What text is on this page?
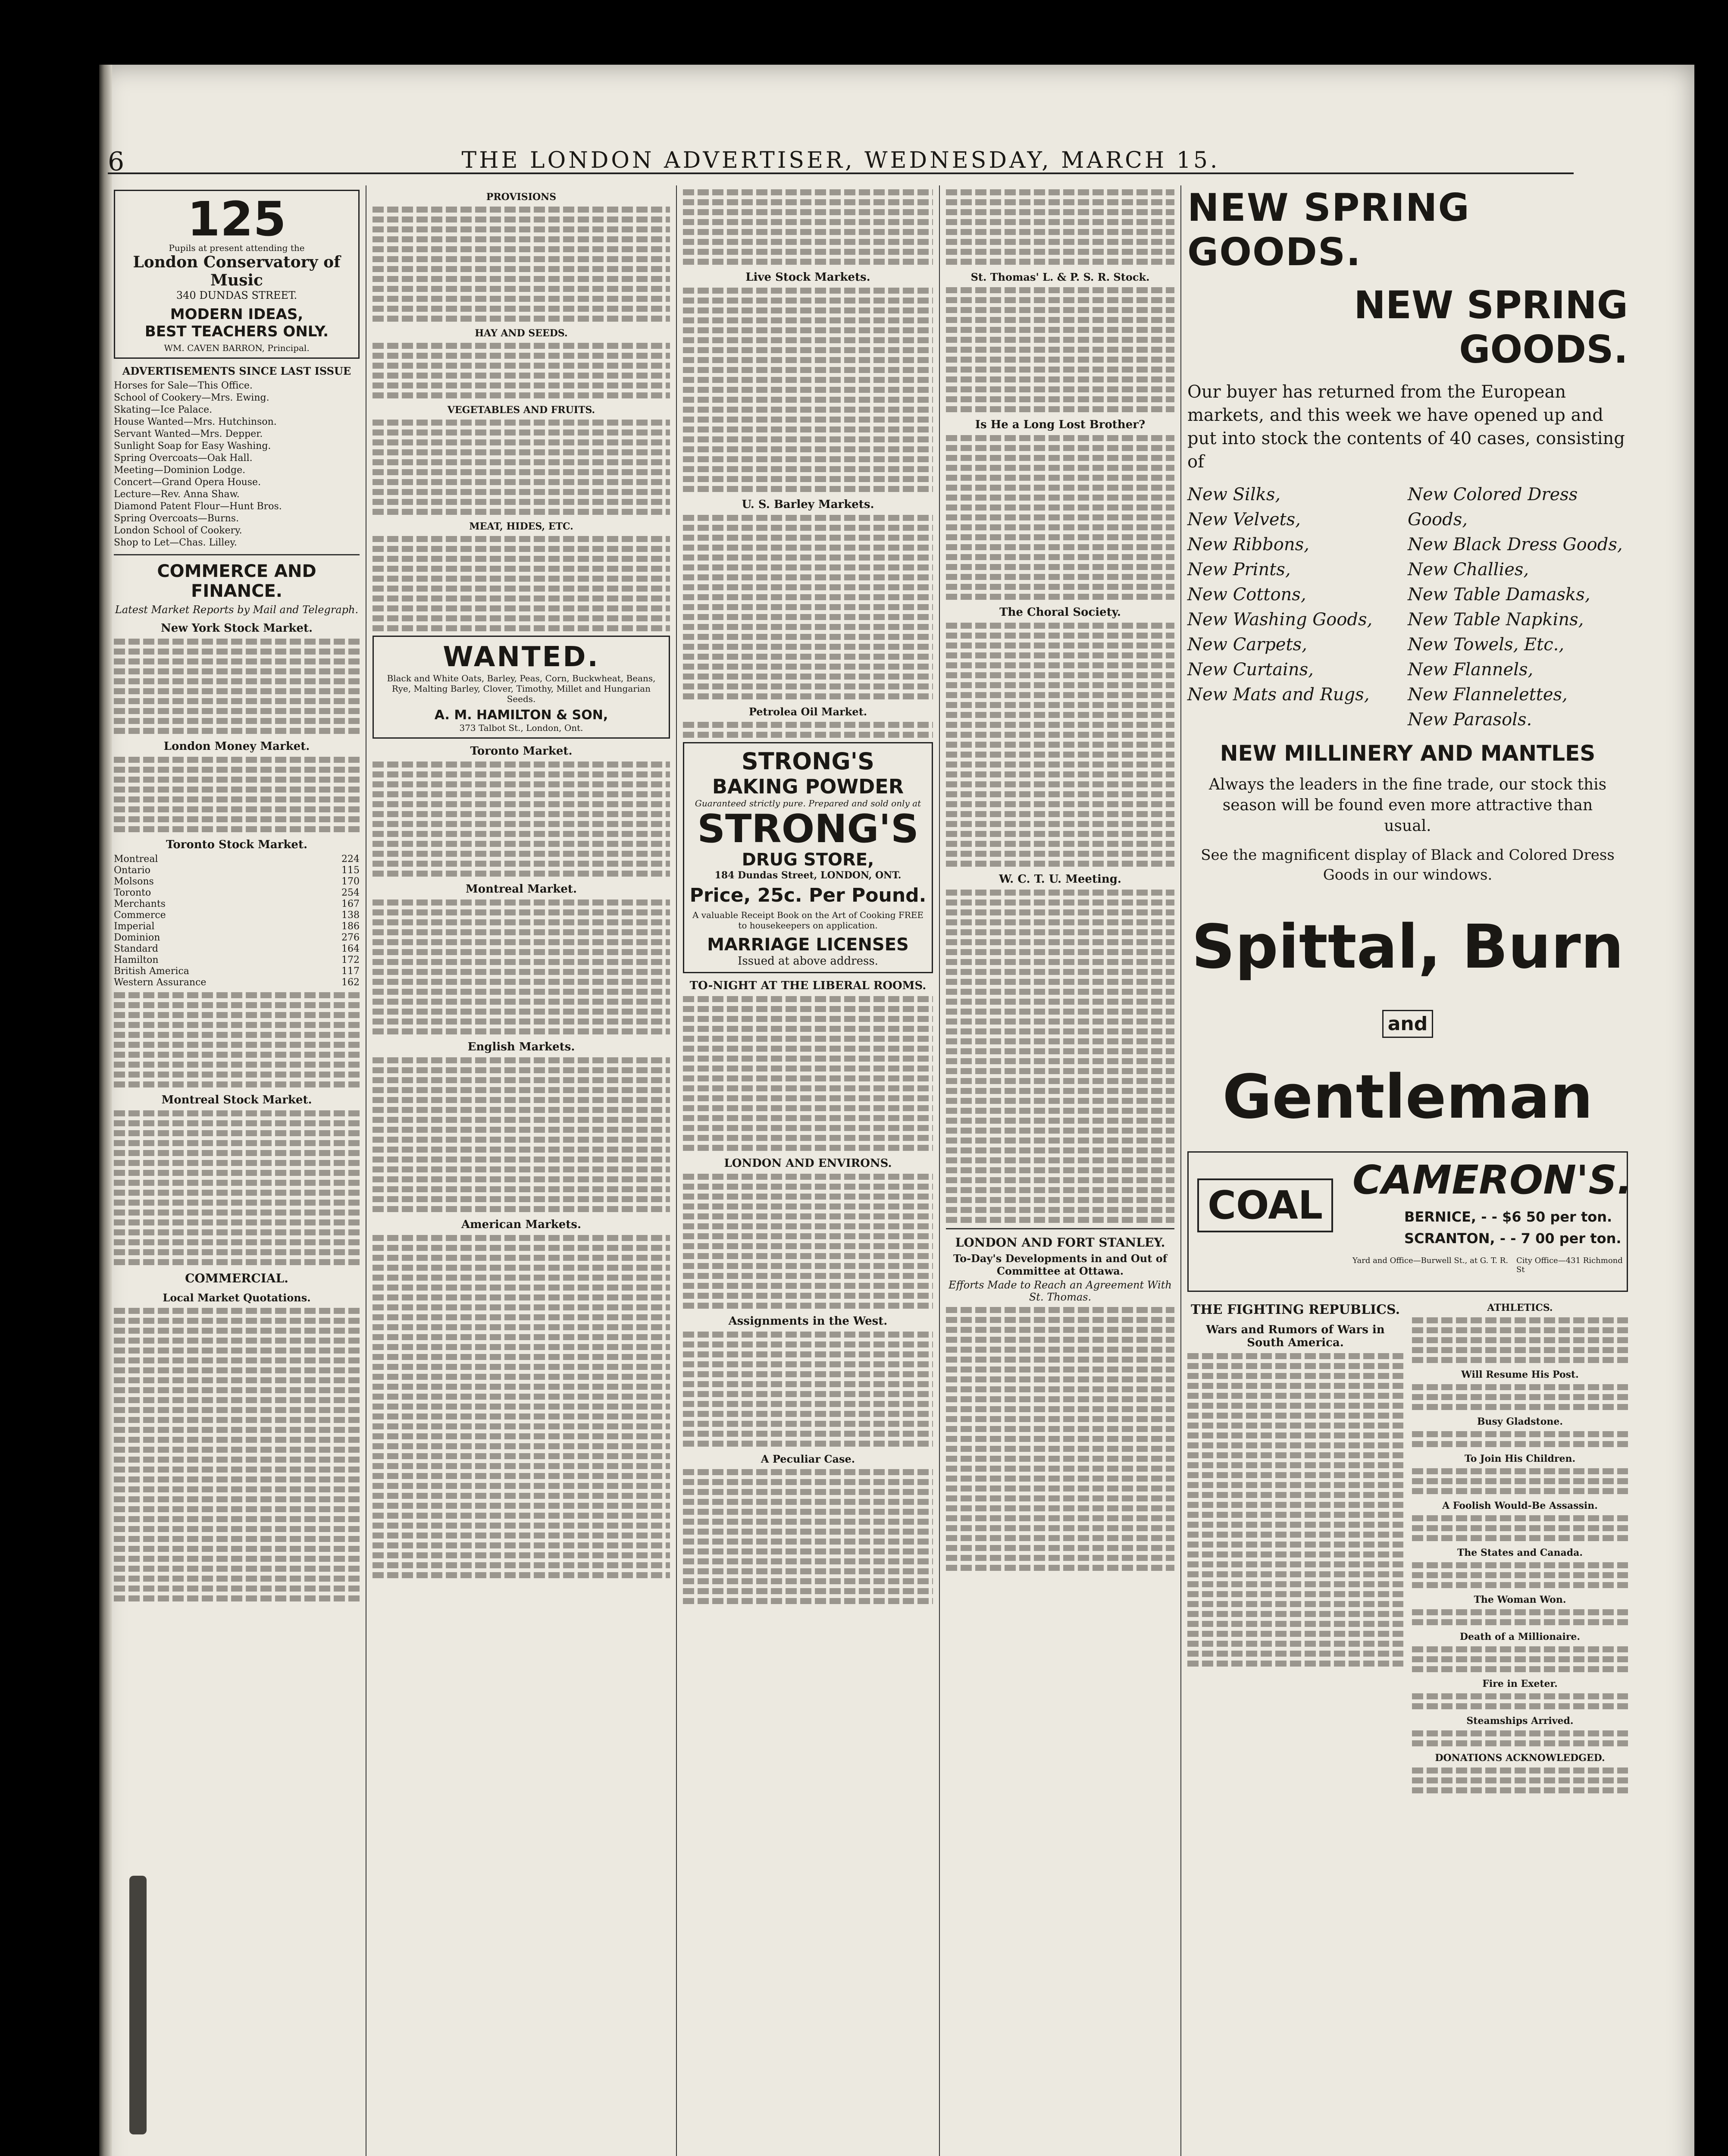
6	THE LONDON ADVERTISER, WEDNESDAY, MARCH 15.
125
Pupils at present attending the
London Conservatory of Music
340 DUNDAS STREET.
MODERN IDEAS,
BEST TEACHERS ONLY.
WM. CAVEN BARRON, Principal.
ADVERTISEMENTS SINCE LAST ISSUE
Horses for Sale—This Office.
School of Cookery—Mrs. Ewing.
Skating—Ice Palace.
House Wanted—Mrs. Hutchinson.
Servant Wanted—Mrs. Depper.
Sunlight Soap for Easy Washing.
Spring Overcoats—Oak Hall.
Meeting—Dominion Lodge.
Concert—Grand Opera House.
Lecture—Rev. Anna Shaw.
Diamond Patent Flour—Hunt Bros.
Spring Overcoats—Burns.
London School of Cookery.
Shop to Let—Chas. Lilley.
COMMERCE AND FINANCE.
Latest Market Reports by Mail and Telegraph.
New York Stock Market.
London Money Market.
Toronto Stock Market.
Montreal	224
Ontario	115
Molsons	170
Toronto	254
Merchants	167
Commerce	138
Imperial	186
Dominion	276
Standard	164
Hamilton	172
British America	117
Western Assurance	162
Montreal Stock Market.
COMMERCIAL.
Local Market Quotations.
PROVISIONS
HAY AND SEEDS.
VEGETABLES AND FRUITS.
MEAT, HIDES, ETC.
WANTED.
Black and White Oats, Barley, Peas, Corn, Buckwheat, Beans, Rye, Malting Barley, Clover, Timothy, Millet and Hungarian Seeds.
A. M. HAMILTON & SON,
373 Talbot St., London, Ont.
Toronto Market.
Montreal Market.
English Markets.
American Markets.
Live Stock Markets.
U. S. Barley Markets.
Petrolea Oil Market.
STRONG'S
BAKING POWDER
Guaranteed strictly pure. Prepared and sold only at
STRONG'S
DRUG STORE,
184 Dundas Street, LONDON, ONT.
Price, 25c. Per Pound.
A valuable Receipt Book on the Art of Cooking FREE to housekeepers on application.
MARRIAGE LICENSES
Issued at above address.
TO-NIGHT AT THE LIBERAL ROOMS.
LONDON AND ENVIRONS.
Assignments in the West.
A Peculiar Case.
St. Thomas' L. & P. S. R. Stock.
Is He a Long Lost Brother?
The Choral Society.
W. C. T. U. Meeting.
LONDON AND FORT STANLEY.
To-Day's Developments in and Out of Committee at Ottawa.
Efforts Made to Reach an Agreement With St. Thomas.
NEW SPRING GOODS.
NEW SPRING GOODS.
Our buyer has returned from the European markets, and this week we have opened up and put into stock the contents of 40 cases, consisting of
New Silks,
New Velvets,
New Ribbons,
New Prints,
New Cottons,
New Washing Goods,
New Carpets,
New Curtains,
New Mats and Rugs,
New Colored Dress Goods,
New Black Dress Goods,
New Challies,
New Table Damasks,
New Table Napkins,
New Towels, Etc.,
New Flannels,
New Flannelettes,
New Parasols.
NEW MILLINERY AND MANTLES
Always the leaders in the fine trade, our stock this season will be found even more attractive than usual.
See the magnificent display of Black and Colored Dress Goods in our windows.
Spittal, Burn
and Gentleman
COAL
CAMERON'S.
BERNICE, - - $6 50 per ton.
SCRANTON, - - 7 00 per ton.
Yard and Office—Burwell St., at G. T. R. City Office—431 Richmond St
THE FIGHTING REPUBLICS.
Wars and Rumors of Wars in South America.
ATHLETICS.
Will Resume His Post.
Busy Gladstone.
To Join His Children.
A Foolish Would-Be Assassin.
The States and Canada.
The Woman Won.
Death of a Millionaire.
Fire in Exeter.
Steamships Arrived.
DONATIONS ACKNOWLEDGED.
